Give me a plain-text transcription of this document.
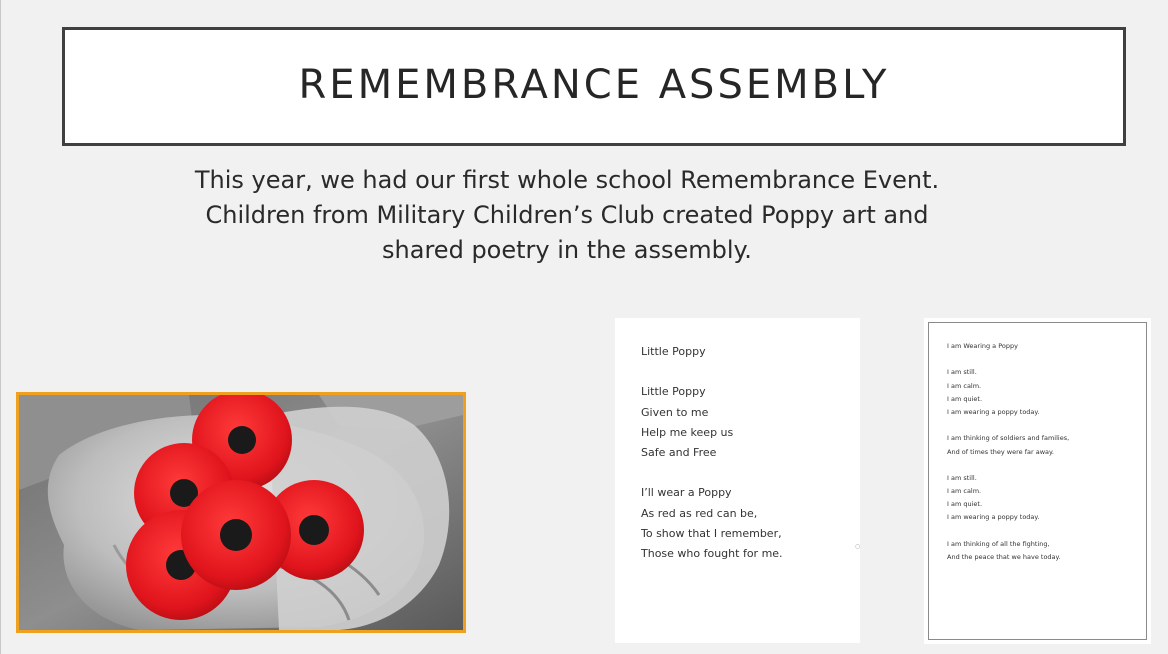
REMEMBRANCE ASSEMBLY

This year, we had our first whole school Remembrance Event.
Children from Military Children’s Club created Poppy art and
shared poetry in the assembly.

Little Poppy
Little Poppy
Given to me
Help me keep us
Safe and Free
I’ll wear a Poppy
As red as red can be,
To show that I remember,
Those who fought for me.
○
I am Wearing a Poppy
I am still.
I am calm.
I am quiet.
I am wearing a poppy today.
I am thinking of soldiers and families,
And of times they were far away.
I am still.
I am calm.
I am quiet.
I am wearing a poppy today.
I am thinking of all the fighting,
And the peace that we have today.
